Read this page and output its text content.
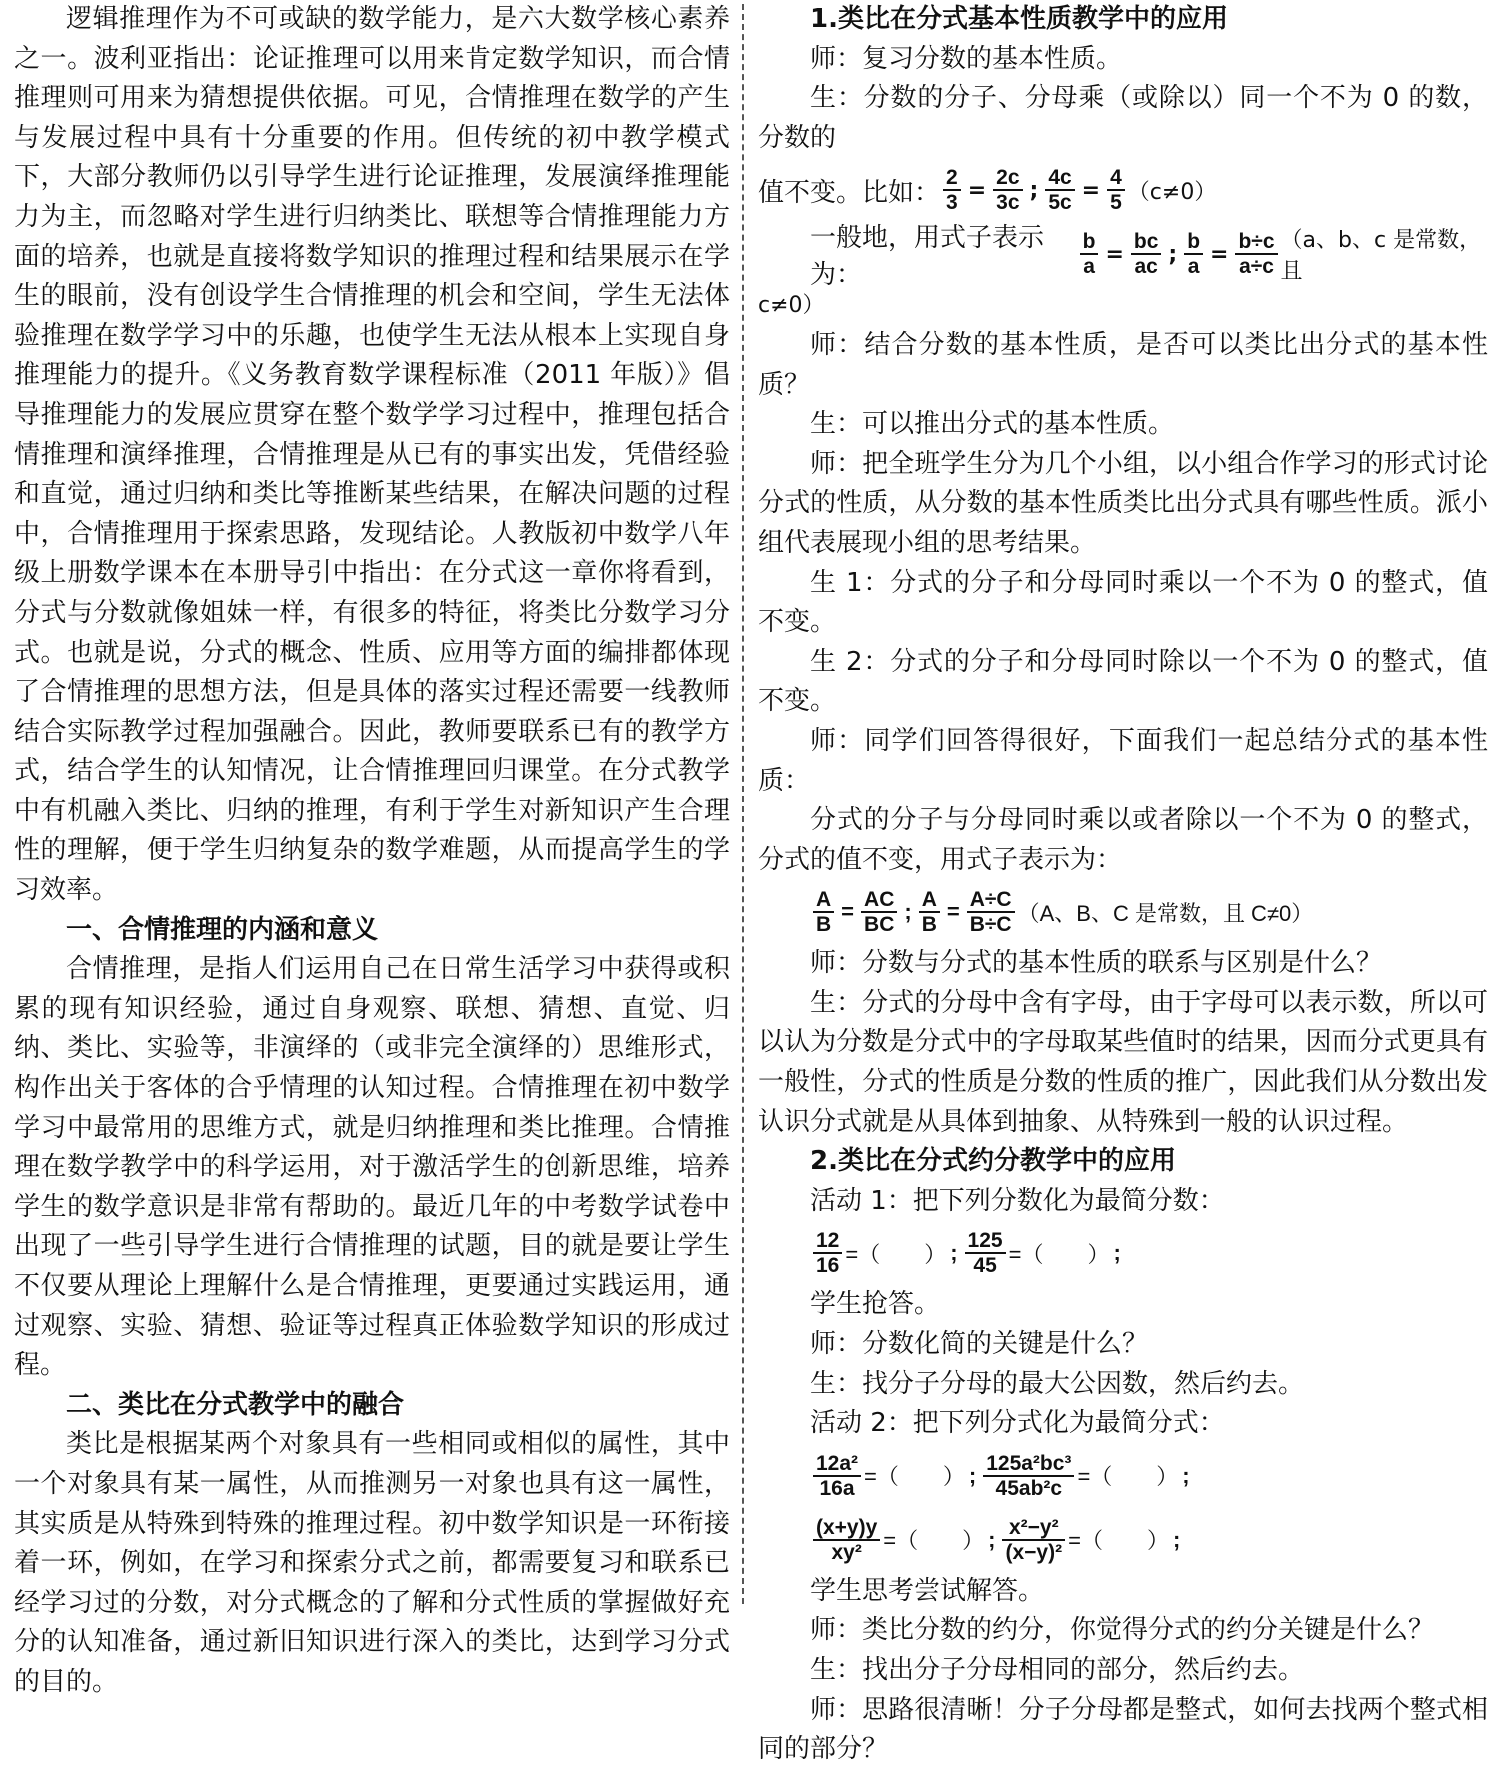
逻辑推理作为不可或缺的数学能力，是六大数学核心素养之一。波利亚指出：论证推理可以用来肯定数学知识，而合情推理则可用来为猜想提供依据。可见，合情推理在数学的产生与发展过程中具有十分重要的作用。但传统的初中教学模式下，大部分教师仍以引导学生进行论证推理，发展演绎推理能力为主，而忽略对学生进行归纳类比、联想等合情推理能力方面的培养，也就是直接将数学知识的推理过程和结果展示在学生的眼前，没有创设学生合情推理的机会和空间，学生无法体验推理在数学学习中的乐趣，也使学生无法从根本上实现自身推理能力的提升。《义务教育数学课程标准（2011 年版）》倡导推理能力的发展应贯穿在整个数学学习过程中，推理包括合情推理和演绎推理，合情推理是从已有的事实出发，凭借经验和直觉，通过归纳和类比等推断某些结果，在解决问题的过程中，合情推理用于探索思路，发现结论。人教版初中数学八年级上册数学课本在本册导引中指出：在分式这一章你将看到，分式与分数就像姐妹一样，有很多的特征，将类比分数学习分式。也就是说，分式的概念、性质、应用等方面的编排都体现了合情推理的思想方法，但是具体的落实过程还需要一线教师结合实际教学过程加强融合。因此，教师要联系已有的教学方式，结合学生的认知情况，让合情推理回归课堂。在分式教学中有机融入类比、归纳的推理，有利于学生对新知识产生合理性的理解，便于学生归纳复杂的数学难题，从而提高学生的学习效率。

一、合情推理的内涵和意义

合情推理，是指人们运用自己在日常生活学习中获得或积累的现有知识经验，通过自身观察、联想、猜想、直觉、归纳、类比、实验等，非演绎的（或非完全演绎的）思维形式，构作出关于客体的合乎情理的认知过程。合情推理在初中数学学习中最常用的思维方式，就是归纳推理和类比推理。合情推理在数学教学中的科学运用，对于激活学生的创新思维，培养学生的数学意识是非常有帮助的。最近几年的中考数学试卷中出现了一些引导学生进行合情推理的试题，目的就是要让学生不仅要从理论上理解什么是合情推理，更要通过实践运用，通过观察、实验、猜想、验证等过程真正体验数学知识的形成过程。

二、类比在分式教学中的融合

类比是根据某两个对象具有一些相同或相似的属性，其中一个对象具有某一属性，从而推测另一对象也具有这一属性，其实质是从特殊到特殊的推理过程。初中数学知识是一环衔接着一环，例如，在学习和探索分式之前，都需要复习和联系已经学习过的分数，对分式概念的了解和分式性质的掌握做好充分的认知准备，通过新旧知识进行深入的类比，达到学习分式的目的。

1.类比在分式基本性质教学中的应用

师：复习分数的基本性质。

生：分数的分子、分母乘（或除以）同一个不为 0 的数，分数的

值不变。比如： $\frac{2}{3} = \frac{2c}{3c}$ ; $\frac{4c}{5c} = \frac{4}{5} (c\ne 0)$
一般地，用式子表示为：	$\frac{b}{a} = \frac{bc}{ac}$ ; $\frac{b}{a} = \frac{b\div c}{a\div c} (a$、b、c 是常数，且

c≠0）

师：结合分数的基本性质，是否可以类比出分式的基本性质？

生：可以推出分式的基本性质。

师：把全班学生分为几个小组，以小组合作学习的形式讨论分式的性质，从分数的基本性质类比出分式具有哪些性质。派小组代表展现小组的思考结果。

生 1：分式的分子和分母同时乘以一个不为 0 的整式，值不变。

生 2：分式的分子和分母同时除以一个不为 0 的整式，值不变。

师：同学们回答得很好，下面我们一起总结分式的基本性质：

分式的分子与分母同时乘以或者除以一个不为 0 的整式，分式的值不变，用式子表示为：

$\frac{A}{B} = \frac{AC}{BC}$ ; $\frac{A}{B} = \frac{A\div C}{B\div C} (A$、B、C 是常数，且 C≠0）

师：分数与分式的基本性质的联系与区别是什么？

生：分式的分母中含有字母，由于字母可以表示数，所以可以认为分数是分式中的字母取某些值时的结果，因而分式更具有一般性，分式的性质是分数的性质的推广，因此我们从分数出发认识分式就是从具体到抽象、从特殊到一般的认识过程。

2.类比在分式约分教学中的应用

活动 1：把下列分数化为最简分数：

$\frac{12}{16}$ =（　　） ; $\frac{125}{45}$ =（　　） ;

学生抢答。

师：分数化简的关键是什么？

生：找分子分母的最大公因数，然后约去。

活动 2：把下列分式化为最简分式：

$\frac{\text{12a²}}{16a}$ =（　　） ; $\frac{\text{125a²bc³}}{\text{45ab²c}}$ =（　　） ;
$\frac{(x+y)y}{\text{xy²}}$ =（　　） ; $\frac{\text{x²−y²}}{\text{(x−y)²}}$ =（　　） ;

学生思考尝试解答。

师：类比分数的约分，你觉得分式的约分关键是什么？

生：找出分子分母相同的部分，然后约去。

师：思路很清晰！分子分母都是整式，如何去找两个整式相同的部分？
